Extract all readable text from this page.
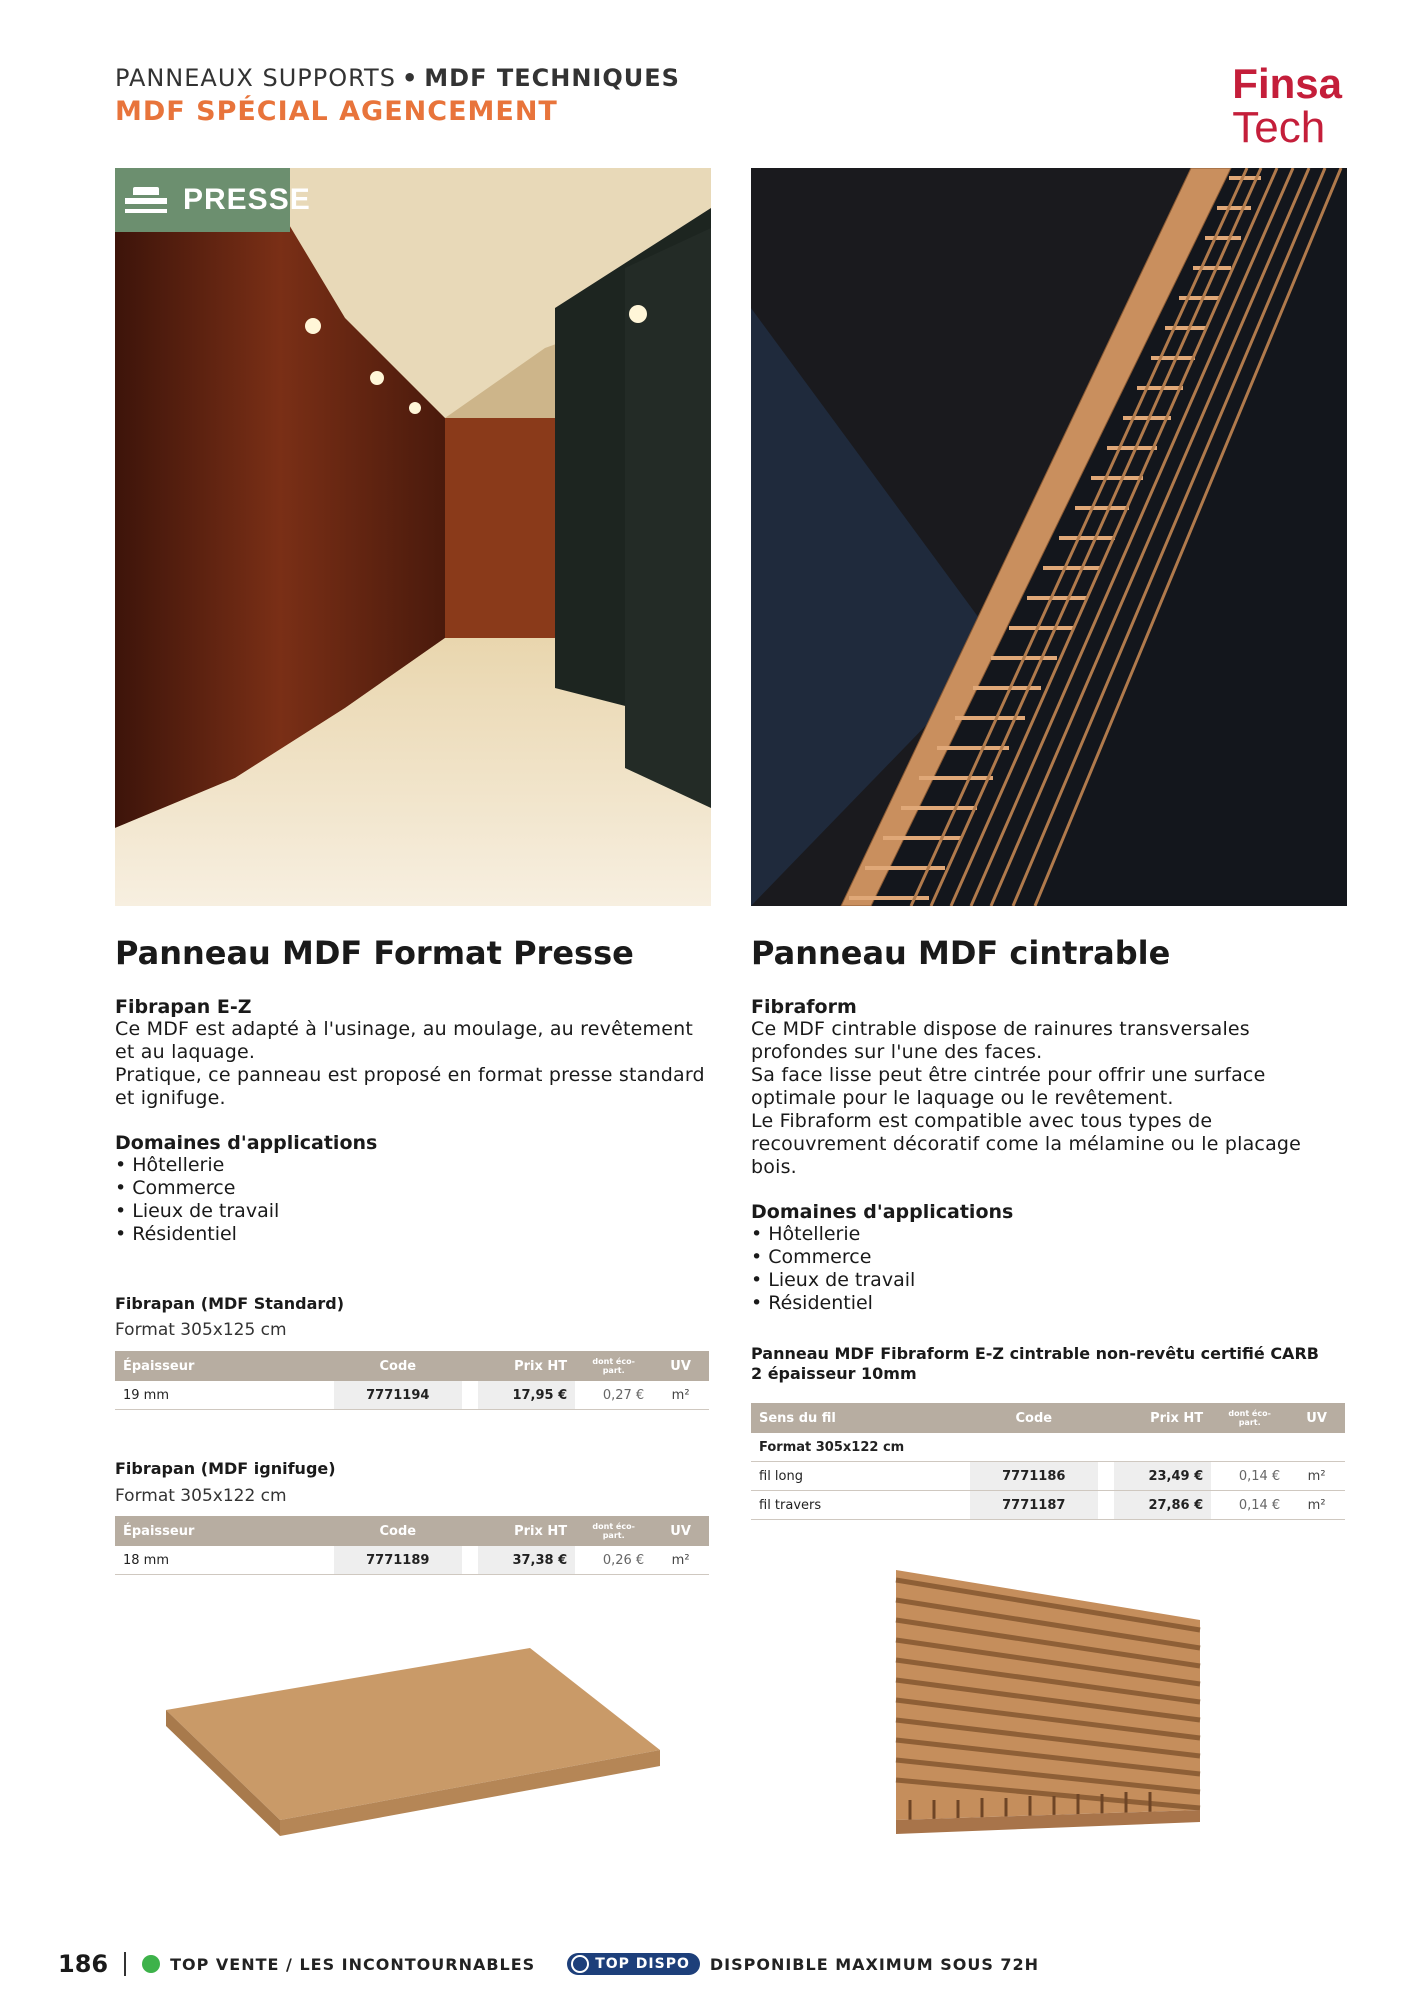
PANNEAUX SUPPORTS • MDF TECHNIQUES
MDF SPÉCIAL AGENCEMENT
Finsa
Tech
PRESSE
Panneau MDF Format Presse
Fibrapan E-Z
Ce MDF est adapté à l'usinage, au moulage, au revêtement et au laquage.
Pratique, ce panneau est proposé en format presse standard et ignifuge.
Domaines d'applications
• Hôtellerie
• Commerce
• Lieux de travail
• Résidentiel
Fibrapan (MDF Standard)
Format 305x125 cm
Épaisseur	Code		Prix HT	dont éco-part.	UV
19 mm	7771194		17,95 €	0,27 €	m²
Fibrapan (MDF ignifuge)
Format 305x122 cm
Épaisseur	Code		Prix HT	dont éco-part.	UV
18 mm	7771189		37,38 €	0,26 €	m²
Panneau MDF cintrable
Fibraform
Ce MDF cintrable dispose de rainures transversales profondes sur l'une des faces.
Sa face lisse peut être cintrée pour offrir une surface optimale pour le laquage ou le revêtement.
Le Fibraform est compatible avec tous types de recouvrement décoratif come la mélamine ou le placage bois.
Domaines d'applications
• Hôtellerie
• Commerce
• Lieux de travail
• Résidentiel
Panneau MDF Fibraform E-Z cintrable non-revêtu certifié CARB 2 épaisseur 10mm
Sens du fil	Code		Prix HT	dont éco-part.	UV
Format 305x122 cm					
fil long	7771186		23,49 €	0,14 €	m²
fil travers	7771187		27,86 €	0,14 €	m²
186	TOP VENTE / LES INCONTOURNABLES	TOP DISPO DISPONIBLE MAXIMUM SOUS 72H
